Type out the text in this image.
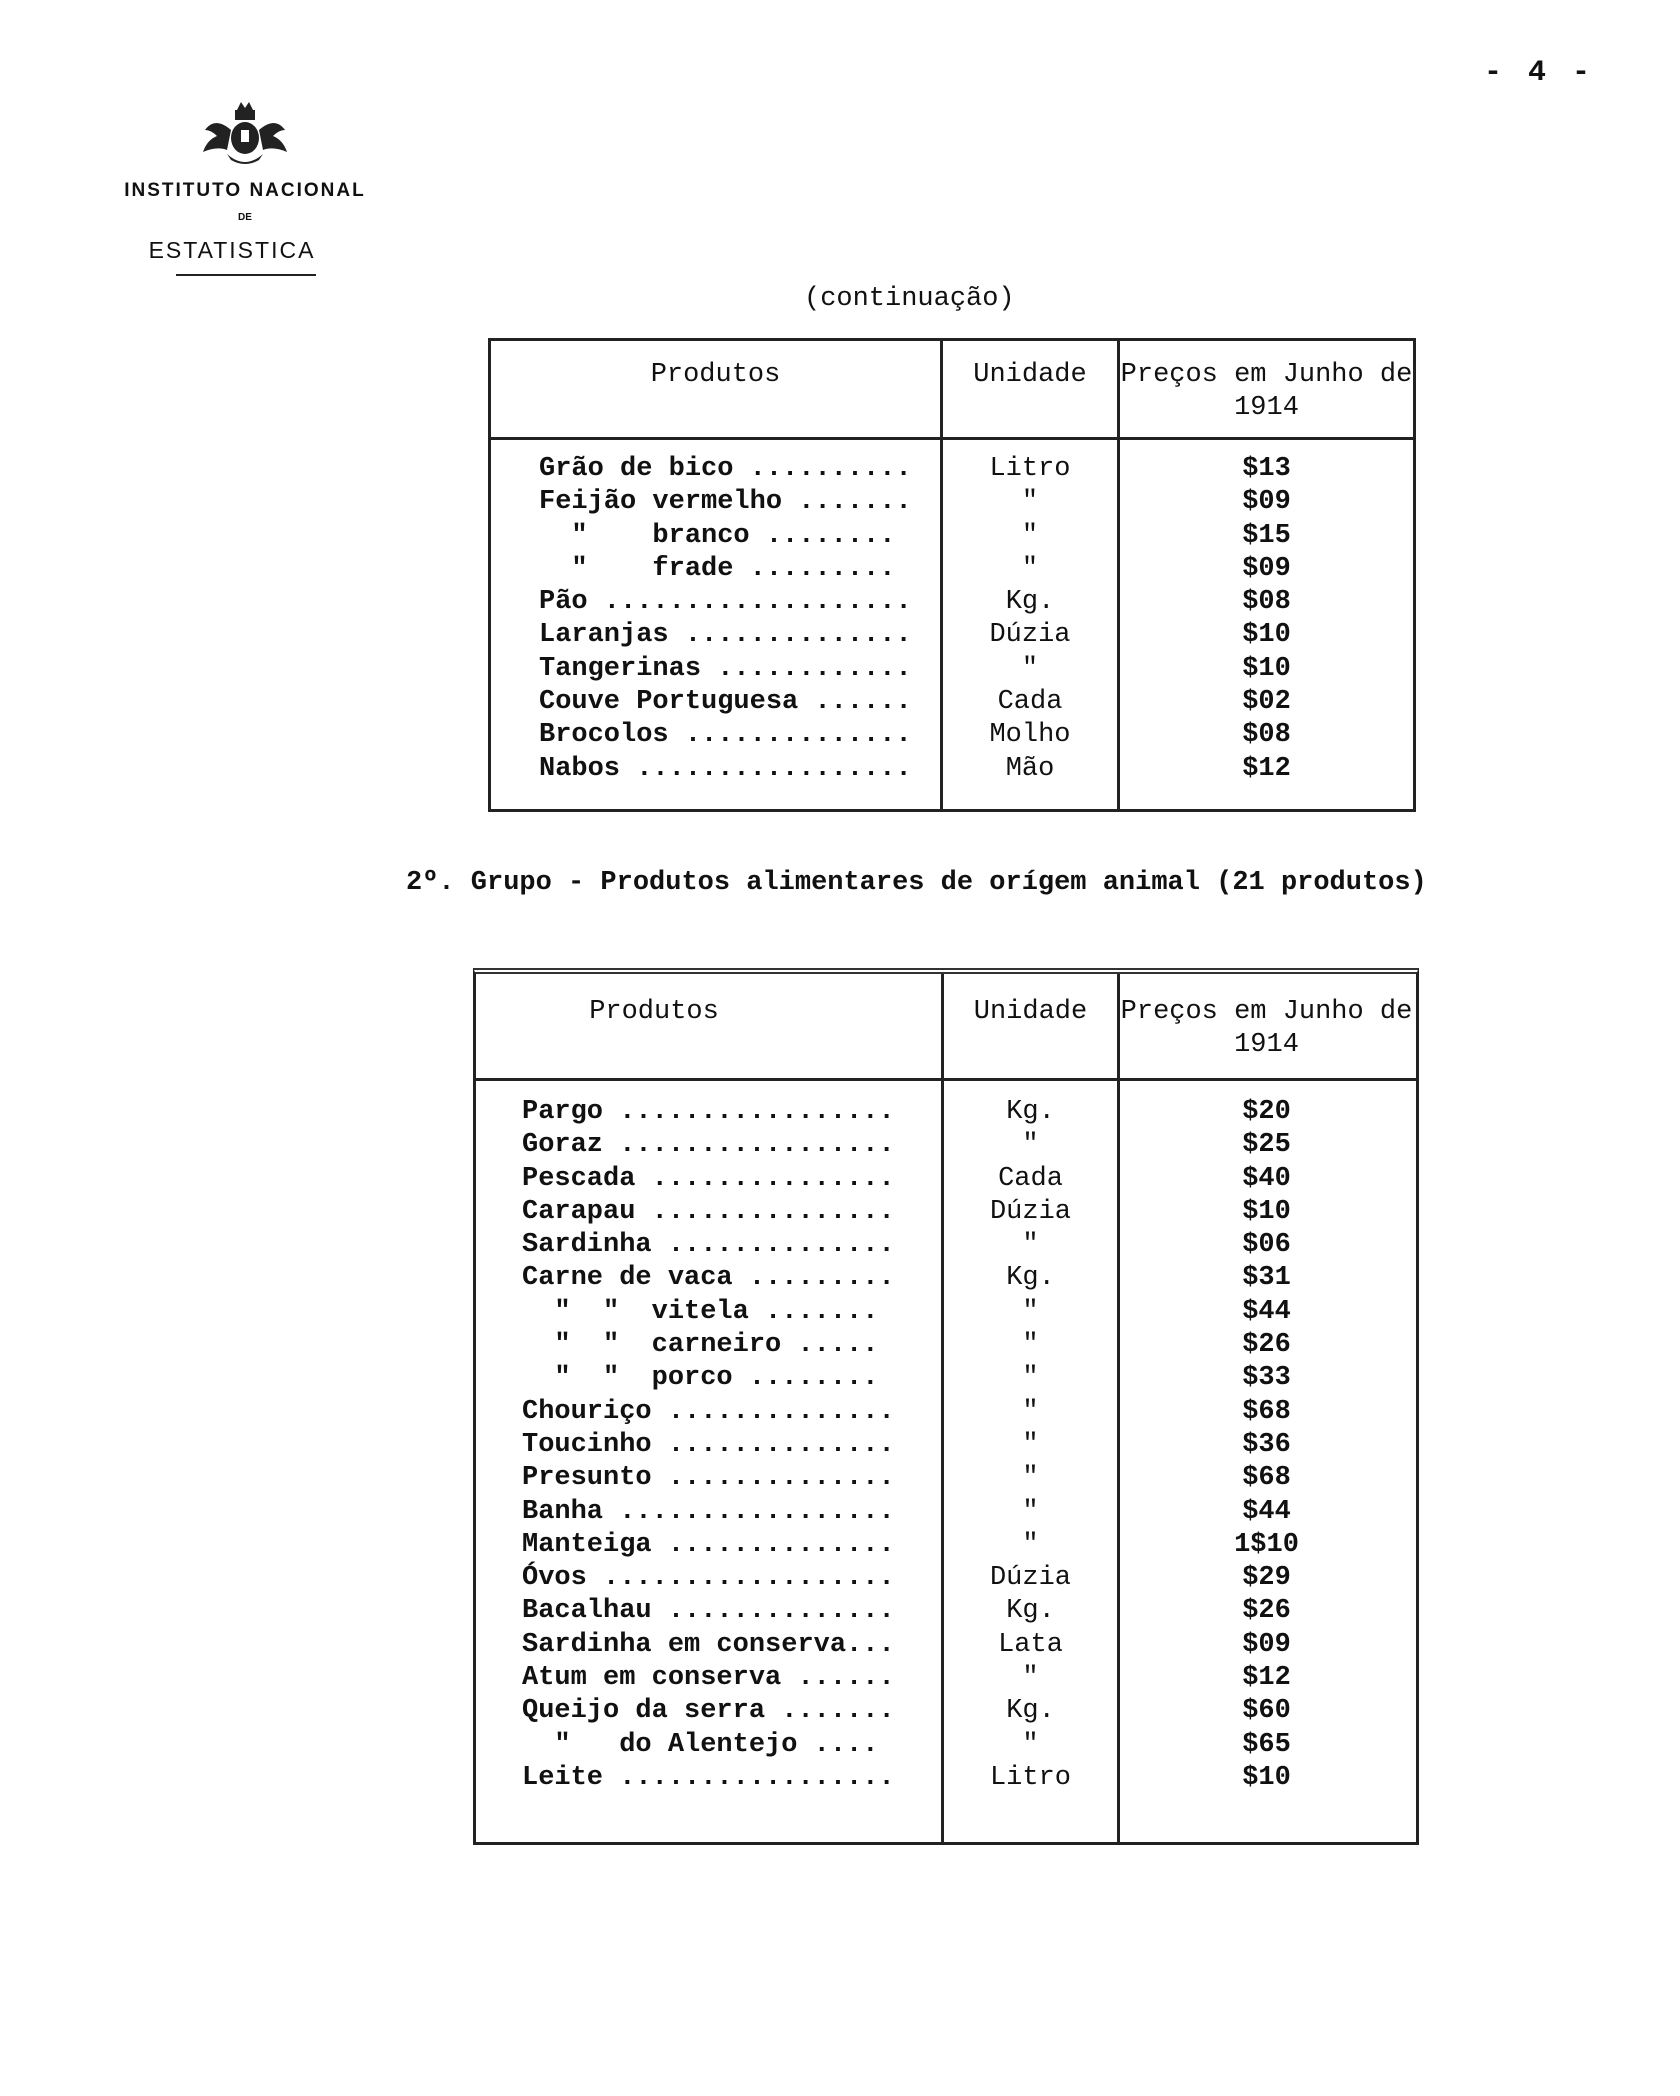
- 4 -
INSTITUTO NACIONAL
DE
ESTATISTICA
(continuação)
Produtos	Unidade	Preços em Junho de 1914
Grão de bico ..........	Litro	$13
Feijão vermelho .......	"	$09
"    branco ........	"	$15
"    frade .........	"	$09
Pão ...................	Kg.	$08
Laranjas ..............	Dúzia	$10
Tangerinas ............	"	$10
Couve Portuguesa ......	Cada	$02
Brocolos ..............	Molho	$08
Nabos .................	Mão	$12
2º. Grupo - Produtos alimentares de orígem animal (21 produtos)
Produtos	Unidade	Preços em Junho de 1914
Pargo .................	Kg.	$20
Goraz .................	"	$25
Pescada ...............	Cada	$40
Carapau ...............	Dúzia	$10
Sardinha ..............	"	$06
Carne de vaca .........	Kg.	$31
"  "  vitela .......	"	$44
"  "  carneiro .....	"	$26
"  "  porco ........	"	$33
Chouriço ..............	"	$68
Toucinho ..............	"	$36
Presunto ..............	"	$68
Banha .................	"	$44
Manteiga ..............	"	1$10
Óvos ..................	Dúzia	$29
Bacalhau ..............	Kg.	$26
Sardinha em conserva...	Lata	$09
Atum em conserva ......	"	$12
Queijo da serra .......	Kg.	$60
"   do Alentejo ....	"	$65
Leite .................	Litro	$10
